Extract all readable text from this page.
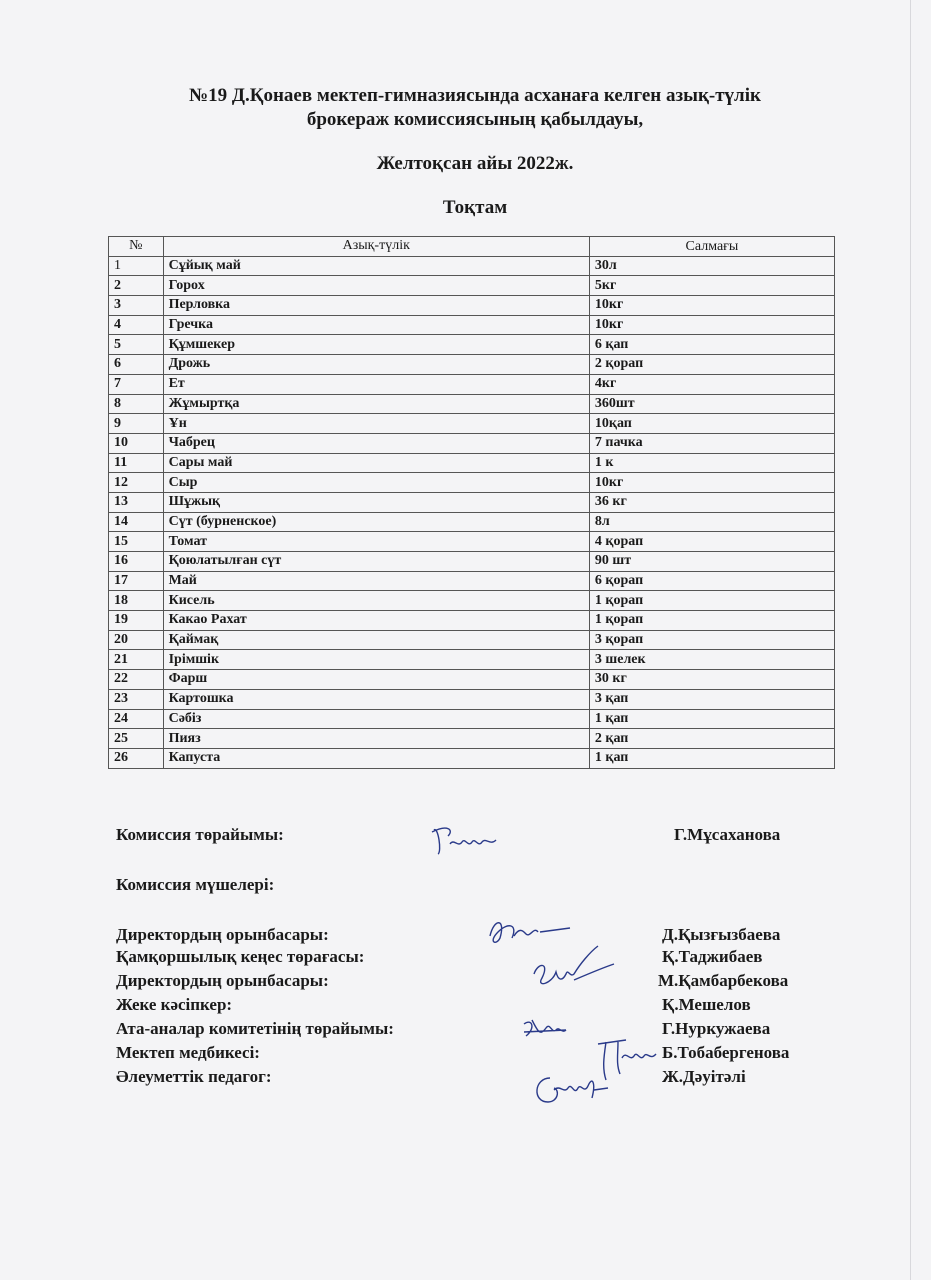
№19 Д.Қонаев мектеп-гимназиясында асханаға келген азық-түлік
брокераж комиссиясының қабылдауы,
Желтоқсан айы 2022ж.
Тоқтам
№	Азық-түлік	Салмағы
1	Сұйық май	30л
2	Горох	5кг
3	Перловка	10кг
4	Гречка	10кг
5	Құмшекер	6 қап
6	Дрожь	2 қорап
7	Ет	4кг
8	Жұмыртқа	360шт
9	Ұн	10қап
10	Чабрец	7 пачка
11	Сары май	1 к
12	Сыр	10кг
13	Шұжық	36 кг
14	Сүт (бурненское)	8л
15	Томат	4 қорап
16	Қоюлатылған сүт	90 шт
17	Май	6 қорап
18	Кисель	1 қорап
19	Какао Рахат	1 қорап
20	Қаймақ	3 қорап
21	Ірімшік	3 шелек
22	Фарш	30 кг
23	Картошка	3 қап
24	Сәбіз	1 қап
25	Пияз	2 қап
26	Капуста	1 қап
Комиссия төрайымы:	Г.Мұсаханова
Комиссия мүшелері:
Директордың орынбасары:	Д.Қызғызбаева
Қамқоршылық кеңес төрағасы:	Қ.Таджибаев
Директордың орынбасары:	М.Қамбарбекова
Жеке кәсіпкер:	Қ.Мешелов
Ата-аналар комитетінің төрайымы:	Г.Нуркужаева
Мектеп медбикесі:	Б.Тобабергенова
Әлеуметтік педагог:	Ж.Дәуітәлі
